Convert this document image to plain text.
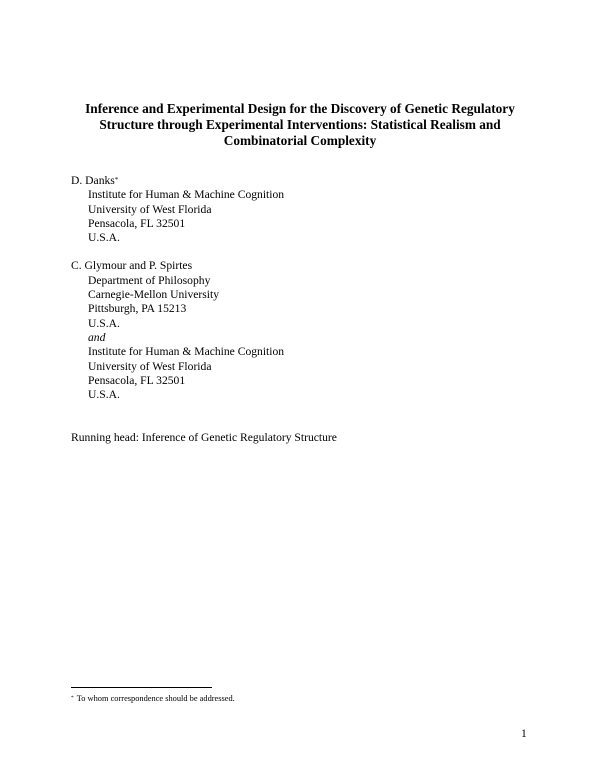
Inference and Experimental Design for the Discovery of Genetic Regulatory
Structure through Experimental Interventions: Statistical Realism and
Combinatorial Complexity
D. Danks*
Institute for Human & Machine Cognition
University of West Florida
Pensacola, FL 32501
U.S.A.
C. Glymour and P. Spirtes
Department of Philosophy
Carnegie-Mellon University
Pittsburgh, PA 15213
U.S.A.
and
Institute for Human & Machine Cognition
University of West Florida
Pensacola, FL 32501
U.S.A.
Running head: Inference of Genetic Regulatory Structure
* To whom correspondence should be addressed.
1
